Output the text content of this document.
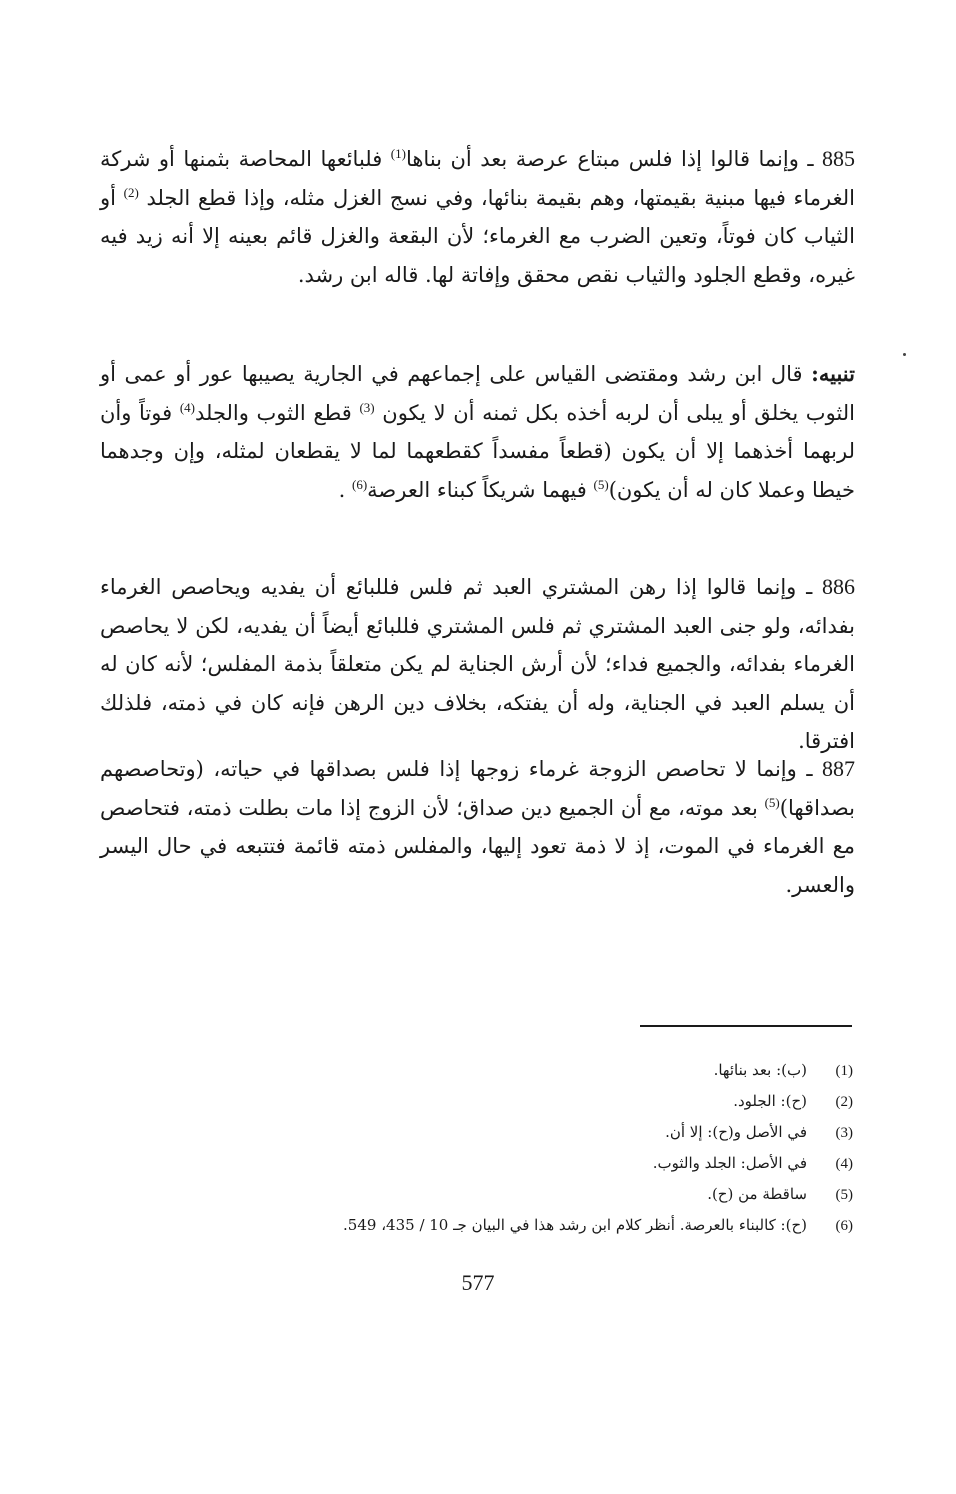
885 ـ وإنما قالوا إذا فلس مبتاع عرصة بعد أن بناها$^{(1)}$ فلبائعها المحاصة بثمنها أو شركة الغرماء فيها مبنية بقيمتها، وهم بقيمة بنائها، وفي نسج الغزل مثله، وإذا قطع الجلد $^{(2)}$ أو الثياب كان فوتاً، وتعين الضرب مع الغرماء؛ لأن البقعة والغزل قائم بعينه إلا أنه زيد فيه غيره، وقطع الجلود والثياب نقص محقق وإفاتة لها. قاله ابن رشد.

تنبيه: قال ابن رشد ومقتضى القياس على إجماعهم في الجارية يصيبها عور أو عمى أو الثوب يخلق أو يبلى أن لربه أخذه بكل ثمنه أن لا يكون $^{(3)}$ قطع الثوب والجلد$^{(4)}$ فوتاً وأن لربهما أخذهما إلا أن يكون (قطعاً مفسداً كقطعهما لما لا يقطعان لمثله، وإن وجدهما خيطا وعملا كان له أن يكون)$^{(5)}$ فيهما شريكاً كبناء العرصة$^{(6)}$ .

886 ـ وإنما قالوا إذا رهن المشتري العبد ثم فلس فللبائع أن يفديه ويحاصص الغرماء بفدائه، ولو جنى العبد المشتري ثم فلس المشتري فللبائع أيضاً أن يفديه، لكن لا يحاصص الغرماء بفدائه، والجميع فداء؛ لأن أرش الجناية لم يكن متعلقاً بذمة المفلس؛ لأنه كان له أن يسلم العبد في الجناية، وله أن يفتكه، بخلاف دين الرهن فإنه كان في ذمته، فلذلك افترقا.

887 ـ وإنما لا تحاصص الزوجة غرماء زوجها إذا فلس بصداقها في حياته، (وتحاصصهم بصداقها)$^{(5)}$ بعد موته، مع أن الجميع دين صداق؛ لأن الزوج إذا مات بطلت ذمته، فتحاصص مع الغرماء في الموت، إذ لا ذمة تعود إليها، والمفلس ذمته قائمة فتتبعه في حال اليسر والعسر.

(1)(ب): بعد بنائها.
(2)(ح): الجلود.
(3)في الأصل و(ح): إلا أن.
(4)في الأصل: الجلد والثوب.
(5)ساقطة من (ح).
(6)(ح): كالبناء بالعرصة. أنظر كلام ابن رشد هذا في البيان جـ 10 / 435، 549.
577
